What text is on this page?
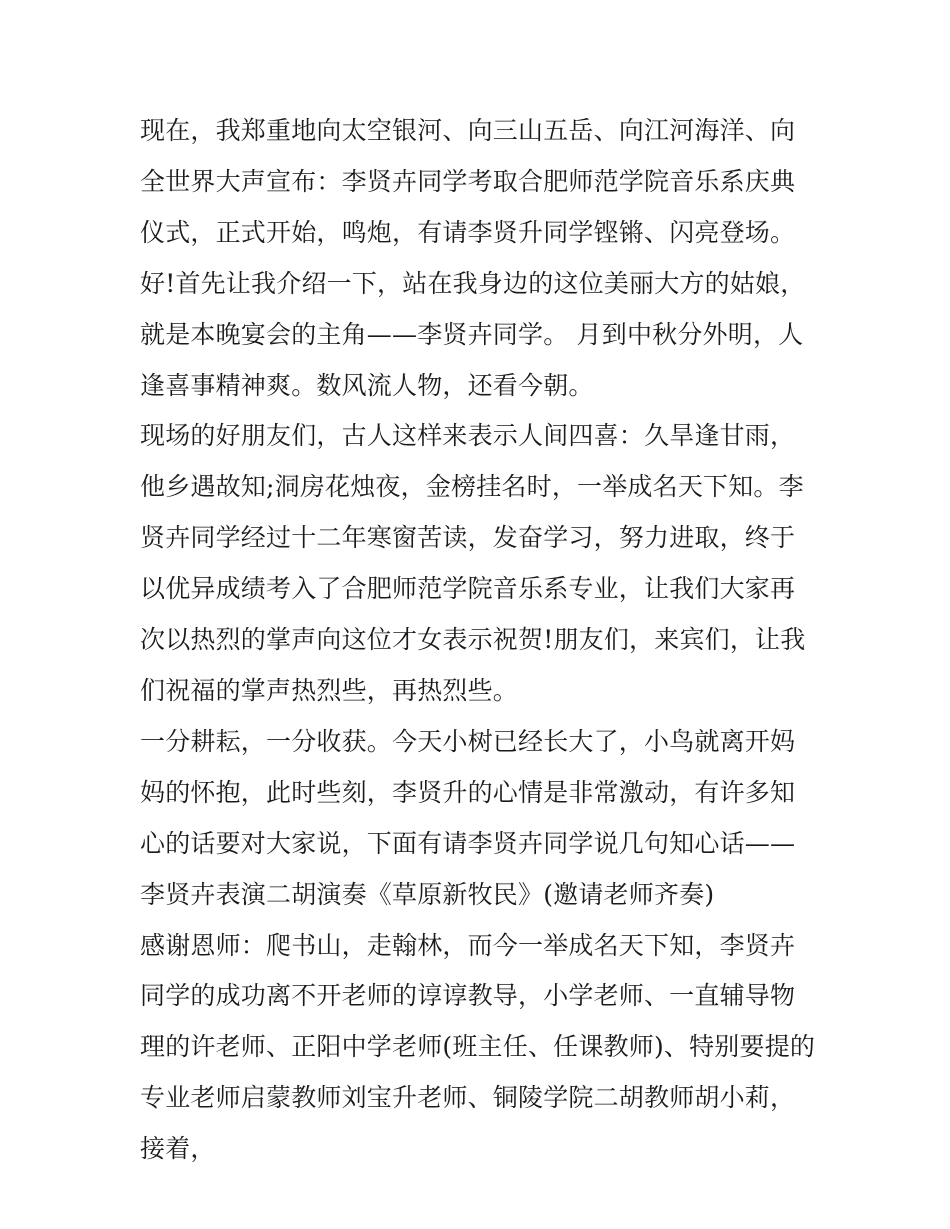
现在，我郑重地向太空银河、向三山五岳、向江河海洋、向全世界大声宣布：李贤卉同学考取合肥师范学院音乐系庆典仪式，正式开始，鸣炮，有请李贤升同学铿锵、闪亮登场。

好!首先让我介绍一下，站在我身边的这位美丽大方的姑娘，就是本晚宴会的主角——李贤卉同学。 月到中秋分外明，人逢喜事精神爽。数风流人物，还看今朝。

现场的好朋友们，古人这样来表示人间四喜：久旱逢甘雨，他乡遇故知;洞房花烛夜，金榜挂名时，一举成名天下知。李贤卉同学经过十二年寒窗苦读，发奋学习，努力进取，终于以优异成绩考入了合肥师范学院音乐系专业，让我们大家再次以热烈的掌声向这位才女表示祝贺!朋友们，来宾们，让我们祝福的掌声热烈些，再热烈些。

一分耕耘，一分收获。今天小树已经长大了，小鸟就离开妈妈的怀抱，此时些刻，李贤升的心情是非常激动，有许多知心的话要对大家说，下面有请李贤卉同学说几句知心话——

李贤卉表演二胡演奏《草原新牧民》(邀请老师齐奏)

感谢恩师：爬书山，走翰林，而今一举成名天下知，李贤卉同学的成功离不开老师的谆谆教导，小学老师、一直辅导物理的许老师、正阳中学老师(班主任、任课教师)、特别要提的专业老师启蒙教师刘宝升老师、铜陵学院二胡教师胡小莉，接着，
